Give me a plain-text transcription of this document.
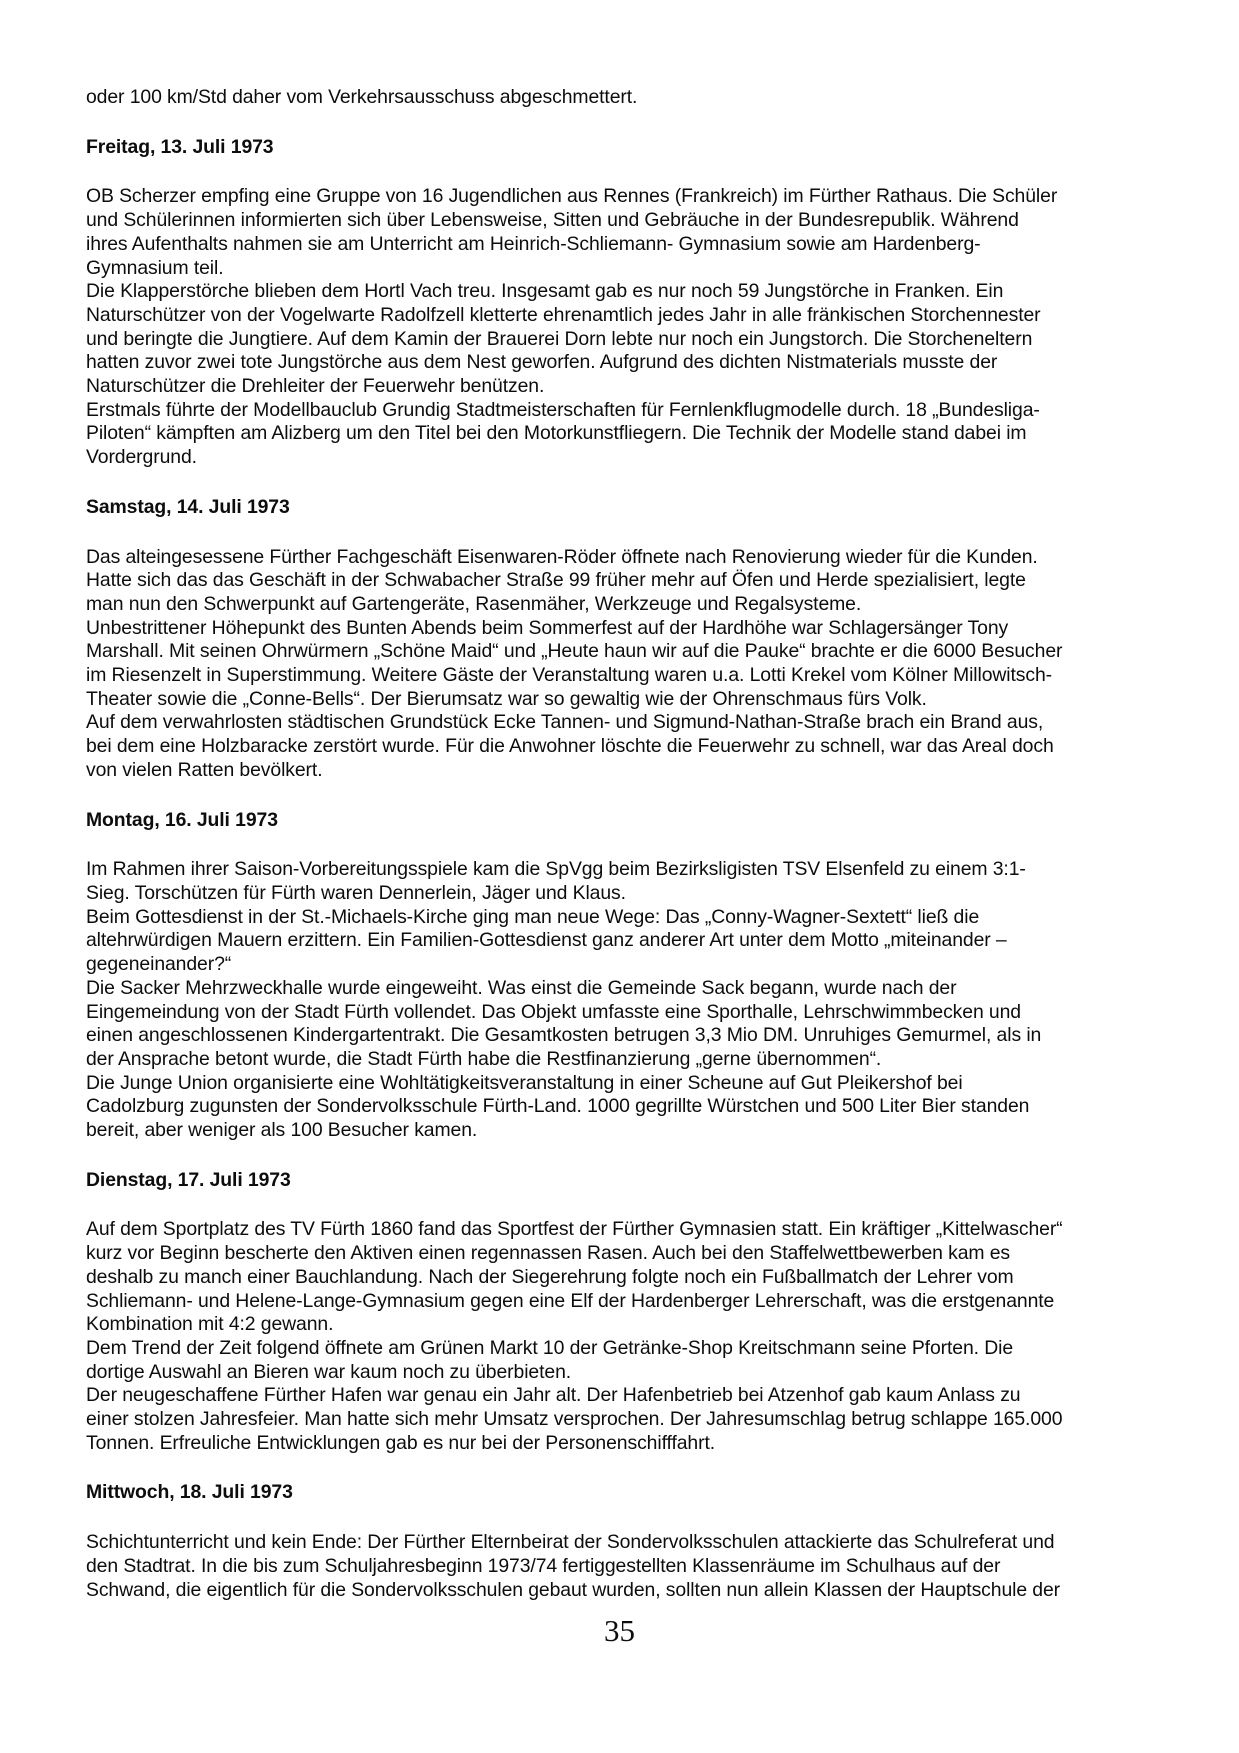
oder 100 km/Std daher vom Verkehrsausschuss abgeschmettert.
Freitag, 13. Juli 1973
OB Scherzer empfing eine Gruppe von 16 Jugendlichen aus Rennes (Frankreich) im Fürther Rathaus. Die Schüler
und Schülerinnen informierten sich über Lebensweise, Sitten und Gebräuche in der Bundesrepublik. Während
ihres Aufenthalts nahmen sie am Unterricht am Heinrich-Schliemann- Gymnasium sowie am Hardenberg-
Gymnasium teil.
Die Klapperstörche blieben dem Hortl Vach treu. Insgesamt gab es nur noch 59 Jungstörche in Franken. Ein
Naturschützer von der Vogelwarte Radolfzell kletterte ehrenamtlich jedes Jahr in alle fränkischen Storchennester
und beringte die Jungtiere. Auf dem Kamin der Brauerei Dorn lebte nur noch ein Jungstorch. Die Storcheneltern
hatten zuvor zwei tote Jungstörche aus dem Nest geworfen. Aufgrund des dichten Nistmaterials musste der
Naturschützer die Drehleiter der Feuerwehr benützen.
Erstmals führte der Modellbauclub Grundig Stadtmeisterschaften für Fernlenkflugmodelle durch. 18 „Bundesliga-
Piloten“ kämpften am Alizberg um den Titel bei den Motorkunstfliegern. Die Technik der Modelle stand dabei im
Vordergrund.
Samstag, 14. Juli 1973
Das alteingesessene Fürther Fachgeschäft Eisenwaren-Röder öffnete nach Renovierung wieder für die Kunden.
Hatte sich das das Geschäft in der Schwabacher Straße 99 früher mehr auf Öfen und Herde spezialisiert, legte
man nun den Schwerpunkt auf Gartengeräte, Rasenmäher, Werkzeuge und Regalsysteme.
Unbestrittener Höhepunkt des Bunten Abends beim Sommerfest auf der Hardhöhe war Schlagersänger Tony
Marshall. Mit seinen Ohrwürmern „Schöne Maid“ und „Heute haun wir auf die Pauke“ brachte er die 6000 Besucher
im Riesenzelt in Superstimmung. Weitere Gäste der Veranstaltung waren u.a. Lotti Krekel vom Kölner Millowitsch-
Theater sowie die „Conne-Bells“. Der Bierumsatz war so gewaltig wie der Ohrenschmaus fürs Volk.
Auf dem verwahrlosten städtischen Grundstück Ecke Tannen- und Sigmund-Nathan-Straße brach ein Brand aus,
bei dem eine Holzbaracke zerstört wurde. Für die Anwohner löschte die Feuerwehr zu schnell, war das Areal doch
von vielen Ratten bevölkert.
Montag, 16. Juli 1973
Im Rahmen ihrer Saison-Vorbereitungsspiele kam die SpVgg beim Bezirksligisten TSV Elsenfeld zu einem 3:1-
Sieg. Torschützen für Fürth waren Dennerlein, Jäger und Klaus.
Beim Gottesdienst in der St.-Michaels-Kirche ging man neue Wege: Das „Conny-Wagner-Sextett“ ließ die
altehrwürdigen Mauern erzittern. Ein Familien-Gottesdienst ganz anderer Art unter dem Motto „miteinander –
gegeneinander?“
Die Sacker Mehrzweckhalle wurde eingeweiht. Was einst die Gemeinde Sack begann, wurde nach der
Eingemeindung von der Stadt Fürth vollendet. Das Objekt umfasste eine Sporthalle, Lehrschwimmbecken und
einen angeschlossenen Kindergartentrakt. Die Gesamtkosten betrugen 3,3 Mio DM. Unruhiges Gemurmel, als in
der Ansprache betont wurde, die Stadt Fürth habe die Restfinanzierung „gerne übernommen“.
Die Junge Union organisierte eine Wohltätigkeitsveranstaltung in einer Scheune auf Gut Pleikershof bei
Cadolzburg zugunsten der Sondervolksschule Fürth-Land. 1000 gegrillte Würstchen und 500 Liter Bier standen
bereit, aber weniger als 100 Besucher kamen.
Dienstag, 17. Juli 1973
Auf dem Sportplatz des TV Fürth 1860 fand das Sportfest der Fürther Gymnasien statt. Ein kräftiger „Kittelwascher“
kurz vor Beginn bescherte den Aktiven einen regennassen Rasen. Auch bei den Staffelwettbewerben kam es
deshalb zu manch einer Bauchlandung. Nach der Siegerehrung folgte noch ein Fußballmatch der Lehrer vom
Schliemann- und Helene-Lange-Gymnasium gegen eine Elf der Hardenberger Lehrerschaft, was die erstgenannte
Kombination mit 4:2 gewann.
Dem Trend der Zeit folgend öffnete am Grünen Markt 10 der Getränke-Shop Kreitschmann seine Pforten. Die
dortige Auswahl an Bieren war kaum noch zu überbieten.
Der neugeschaffene Fürther Hafen war genau ein Jahr alt. Der Hafenbetrieb bei Atzenhof gab kaum Anlass zu
einer stolzen Jahresfeier. Man hatte sich mehr Umsatz versprochen. Der Jahresumschlag betrug schlappe 165.000
Tonnen. Erfreuliche Entwicklungen gab es nur bei der Personenschifffahrt.
Mittwoch, 18. Juli 1973
Schichtunterricht und kein Ende: Der Fürther Elternbeirat der Sondervolksschulen attackierte das Schulreferat und
den Stadtrat. In die bis zum Schuljahresbeginn 1973/74 fertiggestellten Klassenräume im Schulhaus auf der
Schwand, die eigentlich für die Sondervolksschulen gebaut wurden, sollten nun allein Klassen der Hauptschule der
35
